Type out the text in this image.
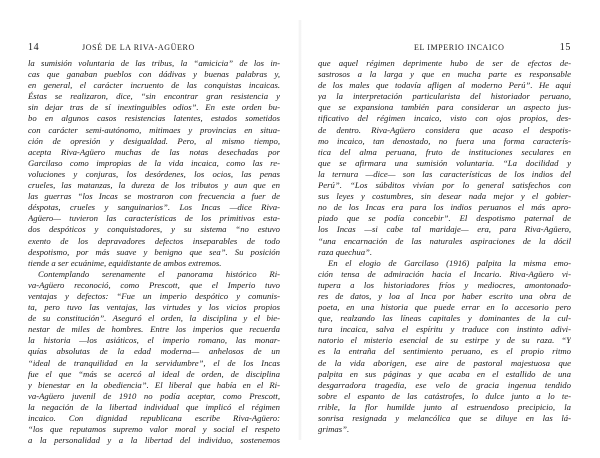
14	JOSÉ DE LA RIVA-AGÜERO
la sumisión voluntaria de las tribus, la “amicicia” de los in-
cas que ganaban pueblos con dádivas y buenas palabras y,
en general, el carácter incruento de las conquistas incaicas.
Éstas se realizaron, dice, “sin encontrar gran resistencia y
sin dejar tras de sí inextinguibles odios”. En este orden bu-
bo en algunos casos resistencias latentes, estados sometidos
con carácter semi-autónomo, mitimaes y provincias en situa-
ción de opresión y desigualdad. Pero, al mismo tiempo,
acepta Riva-Agüero muchas de las notas desechadas por
Garcilaso como impropias de la vida incaica, como las re-
voluciones y conjuras, los desórdenes, los ocios, las penas
crueles, las matanzas, la dureza de los tributos y aun que en
las guerras “los Incas se mostraron con frecuencia a fuer de
déspotas, crueles y sanguinarios”. Los Incas —dice Riva-
Agüero— tuvieron las características de los primitivos esta-
dos despóticos y conquistadores, y su sistema “no estuvo
exento de los depravadores defectos inseparables de todo
despotismo, por más suave y benigno que sea”. Su posición
tiende a ser ecuánime, equidistante de ambos extremos.
Contemplando serenamente el panorama histórico Ri-
va-Agüero reconoció, como Prescott, que el Imperio tuvo
ventajas y defectos: “Fue un imperio despótico y comunis-
ta, pero tuvo las ventajas, las virtudes y los vicios propios
de su constitución”. Aseguró el orden, la disciplina y el bie-
nestar de miles de hombres. Entre los imperios que recuerda
la historia —los asiáticos, el imperio romano, las monar-
quías absolutas de la edad moderna— anhelosos de un
“ideal de tranquilidad en la servidumbre”, el de los Incas
fue el que “más se acercó al ideal de orden, de disciplina
y bienestar en la obediencia”. El liberal que había en el Ri-
va-Agüero juvenil de 1910 no podía aceptar, como Prescott,
la negación de la libertad individual que implicó el régimen
incaico. Con dignidad republicana escribe Riva-Agüero:
“los que reputamos supremo valor moral y social el respeto
a la personalidad y a la libertad del individuo, sostenemos
EL IMPERIO INCAICO	15
que aquel régimen deprimente hubo de ser de efectos de-
sastrosos a la larga y que en mucha parte es responsable
de los males que todavía afligen al moderno Perú”. He aquí
ya la interpretación particularista del historiador peruano,
que se expansiona también para considerar un aspecto jus-
tificativo del régimen incaico, visto con ojos propios, des-
de dentro. Riva-Agüero considera que acaso el despotis-
mo incaico, tan denostado, no fuera una forma caracterís-
tica del alma peruana, fruto de instituciones seculares en
que se afirmara una sumisión voluntaria. “La docilidad y
la ternura —dice— son las características de los indios del
Perú”. “Los súbditos vivían por lo general satisfechos con
sus leyes y costumbres, sin desear nada mejor y el gobier-
no de los Incas era para los indios peruanos el más apro-
piado que se podía concebir”. El despotismo paternal de
los Incas —si cabe tal maridaje— era, para Riva-Agüero,
“una encarnación de las naturales aspiraciones de la dócil
raza quechua”.
En el elogio de Garcilaso (1916) palpita la misma emo-
ción tensa de admiración hacia el Incario. Riva-Agüero vi-
tupera a los historiadores fríos y mediocres, amontonado-
res de datos, y loa al Inca por haber escrito una obra de
poeta, en una historia que puede errar en lo accesorio pero
que, realzando las líneas capitales y dominantes de la cul-
tura incaica, salva el espíritu y traduce con instinto adivi-
natorio el misterio esencial de su estirpe y de su raza. “Y
es la entraña del sentimiento peruano, es el propio ritmo
de la vida aborigen, ese aire de pastoral majestuosa que
palpita en sus páginas y que acaba en el estallido de una
desgarradora tragedia, ese velo de gracia ingenua tendido
sobre el espanto de las catástrofes, lo dulce junto a lo te-
rrible, la flor humilde junto al estruendoso precipicio, la
sonrisa resignada y melancólica que se diluye en las lá-
grimas”.
